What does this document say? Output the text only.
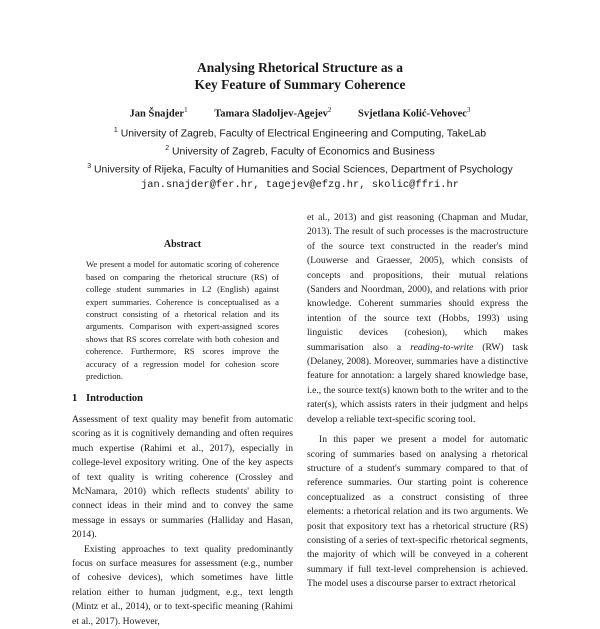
Analysing Rhetorical Structure as a
Key Feature of Summary Coherence
Jan Šnajder$^1$	Tamara Sladoljev-Agejev$^2$	Svjetlana Kolić-Vehovec$^3$
$^1$ University of Zagreb, Faculty of Electrical Engineering and Computing, TakeLab
$^2$ University of Zagreb, Faculty of Economics and Business
$^3$ University of Rijeka, Faculty of Humanities and Social Sciences, Department of Psychology
jan.snajder@fer.hr, tagejev@efzg.hr, skolic@ffri.hr
Abstract
We present a model for automatic scoring of coherence based on comparing the rhetorical structure (RS) of college student summaries in L2 (English) against expert summaries. Coherence is conceptualised as a construct consisting of a rhetorical relation and its arguments. Comparison with expert-assigned scores shows that RS scores correlate with both cohesion and coherence. Furthermore, RS scores improve the accuracy of a regression model for cohesion score prediction.
1 Introduction

Assessment of text quality may benefit from automatic scoring as it is cognitively demanding and often requires much expertise (Rahimi et al., 2017), especially in college-level expository writing. One of the key aspects of text quality is writing coherence (Crossley and McNamara, 2010) which reflects students' ability to connect ideas in their mind and to convey the same message in essays or summaries (Halliday and Hasan, 2014).

Existing approaches to text quality predominantly focus on surface measures for assessment (e.g., number of cohesive devices), which sometimes have little relation either to human judgment, e.g., text length (Mintz et al., 2014), or to text-specific meaning (Rahimi et al., 2017). However,

et al., 2013) and gist reasoning (Chapman and Mudar, 2013). The result of such processes is the macrostructure of the source text constructed in the reader's mind (Louwerse and Graesser, 2005), which consists of concepts and propositions, their mutual relations (Sanders and Noordman, 2000), and relations with prior knowledge. Coherent summaries should express the intention of the source text (Hobbs, 1993) using linguistic devices (cohesion), which makes summarisation also a reading-to-write (RW) task (Delaney, 2008). Moreover, summaries have a distinctive feature for annotation: a largely shared knowledge base, i.e., the source text(s) known both to the writer and to the rater(s), which assists raters in their judgment and helps develop a reliable text-specific scoring tool.

In this paper we present a model for automatic scoring of summaries based on analysing a rhetorical structure of a student's summary compared to that of reference summaries. Our starting point is coherence conceptualized as a construct consisting of three elements: a rhetorical relation and its two arguments. We posit that expository text has a rhetorical structure (RS) consisting of a series of text-specific rhetorical segments, the majority of which will be conveyed in a coherent summary if full text-level comprehension is achieved. The model uses a discourse parser to extract rhetorical
